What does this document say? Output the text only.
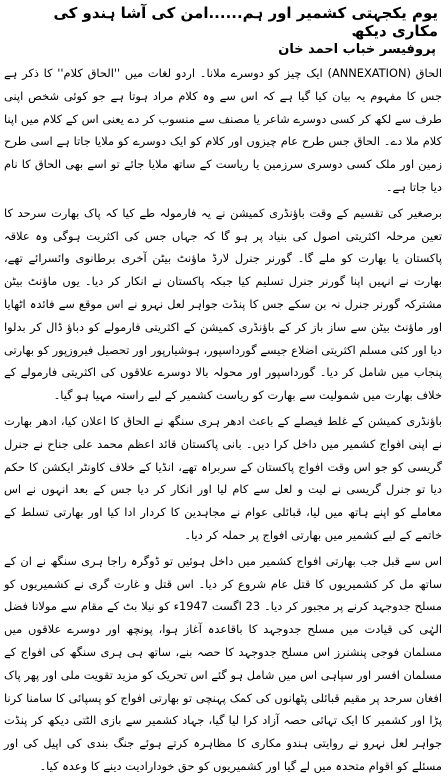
یوم یکجہتی کشمیر اور ہم......امن کی آشا ہندو کی مکاری دیکھ
پروفیسر خباب احمد خان

الحاق (ANNEXATION) ایک چیز کو دوسرے ملانا۔ اردو لغات میں ''الحاق کلام'' کا ذکر ہے جس کا مفہوم یہ بیان کیا گیا ہے کہ اس سے وہ کلام مراد ہوتا ہے جو کوئی شخص اپنی طرف سے لکھ کر کسی دوسرے شاعر یا مصنف سے منسوب کر دے یعنی اس کے کلام میں اپنا کلام ملا دے۔ الحاق جس طرح عام چیزوں اور کلام کو ایک دوسرے کو ملایا جاتا ہے اسی طرح زمین اور ملک کسی دوسری سرزمین یا ریاست کے ساتھ ملایا جائے تو اسے بھی الحاق کا نام دیا جاتا ہے۔

برصغیر کی تقسیم کے وقت باؤنڈری کمیشن نے یہ فارمولہ طے کیا کہ پاک بھارت سرحد کا تعین مرحلہ اکثریتی اصول کی بنیاد پر ہو گا کہ جہاں جس کی اکثریت ہوگی وہ علاقہ پاکستان یا بھارت کو ملے گا۔ گورنر جنرل لارڈ ماؤنٹ بیٹن آخری برطانوی وائسرائے تھے، بھارت نے انہیں اپنا گورنر جنرل تسلیم کیا جبکہ پاکستان نے انکار کر دیا۔ یوں ماؤنٹ بیٹن مشترکہ گورنر جنرل نہ بن سکے جس کا پنڈت جواہر لعل نہرو نے اس موقع سے فائدہ اٹھایا اور ماؤنٹ بیٹن سے ساز باز کر کے باؤنڈری کمیشن کے اکثریتی فارمولے کو دباؤ ڈال کر بدلوا دیا اور کئی مسلم اکثریتی اضلاع جیسے گورداسپور، ہوشیارپور اور تحصیل فیروزپور کو بھارتی پنجاب میں شامل کر دیا۔ گورداسپور اور محولہ بالا دوسرے علاقوں کی اکثریتی فارمولے کے خلاف بھارت میں شمولیت سے بھارت کو ریاست کشمیر کے لیے راستہ مہیا ہو گیا۔

باؤنڈری کمیشن کے غلط فیصلے کے باعث ادھر ہری سنگھ نے الحاق کا اعلان کیا، ادھر بھارت نے اپنی افواج کشمیر میں داخل کرا دیں۔ بانی پاکستان قائد اعظم محمد علی جناح نے جنرل گریسی کو جو اس وقت افواج پاکستان کے سربراہ تھے، انڈیا کے خلاف کاونٹر ایکشن کا حکم دیا تو جنرل گریسی نے لیت و لعل سے کام لیا اور انکار کر دیا جس کے بعد انہوں نے اس معاملے کو اپنے ہاتھ میں لیا، قبائلی عوام نے مجاہدین کا کردار ادا کیا اور بھارتی تسلط کے خاتمے کے لیے کشمیر میں بھارتی افواج پر حملہ کر دیا۔

اس سے قبل جب بھارتی افواج کشمیر میں داخل ہوئیں تو ڈوگرہ راجا ہری سنگھ نے ان کے ساتھ مل کر کشمیریوں کا قتل عام شروع کر دیا۔ اس قتل و غارت گری نے کشمیریوں کو مسلح جدوجہد کرنے پر مجبور کر دیا۔ 23 اگست 1947ء کو نیلا بٹ کے مقام سے مولانا فضل الہٰی کی قیادت میں مسلح جدوجہد کا باقاعدہ آغاز ہوا، پونچھ اور دوسرے علاقوں میں مسلمان فوجی پنشنرز اس مسلح جدوجہد کا حصہ بنے، ساتھ ہی ہری سنگھ کی افواج کے مسلمان افسر اور سپاہی اس میں شامل ہو گئے اس تحریک کو مزید تقویت ملی اور پھر پاک افغان سرحد پر مقیم قبائلی پٹھانوں کی کمک پہنچی تو بھارتی افواج کو پسپائی کا سامنا کرنا پڑا اور کشمیر کا ایک تہائی حصہ آزاد کرا لیا گیا، جہاد کشمیر سے بازی الٹتی دیکھ کر پنڈت جواہر لعل نہرو نے روایتی ہندو مکاری کا مظاہرہ کرتے ہوئے جنگ بندی کی اپیل کی اور مسئلے کو اقوام متحدہ میں لے گیا اور کشمیریوں کو حق خودارادیت دینے کا وعدہ کیا۔
